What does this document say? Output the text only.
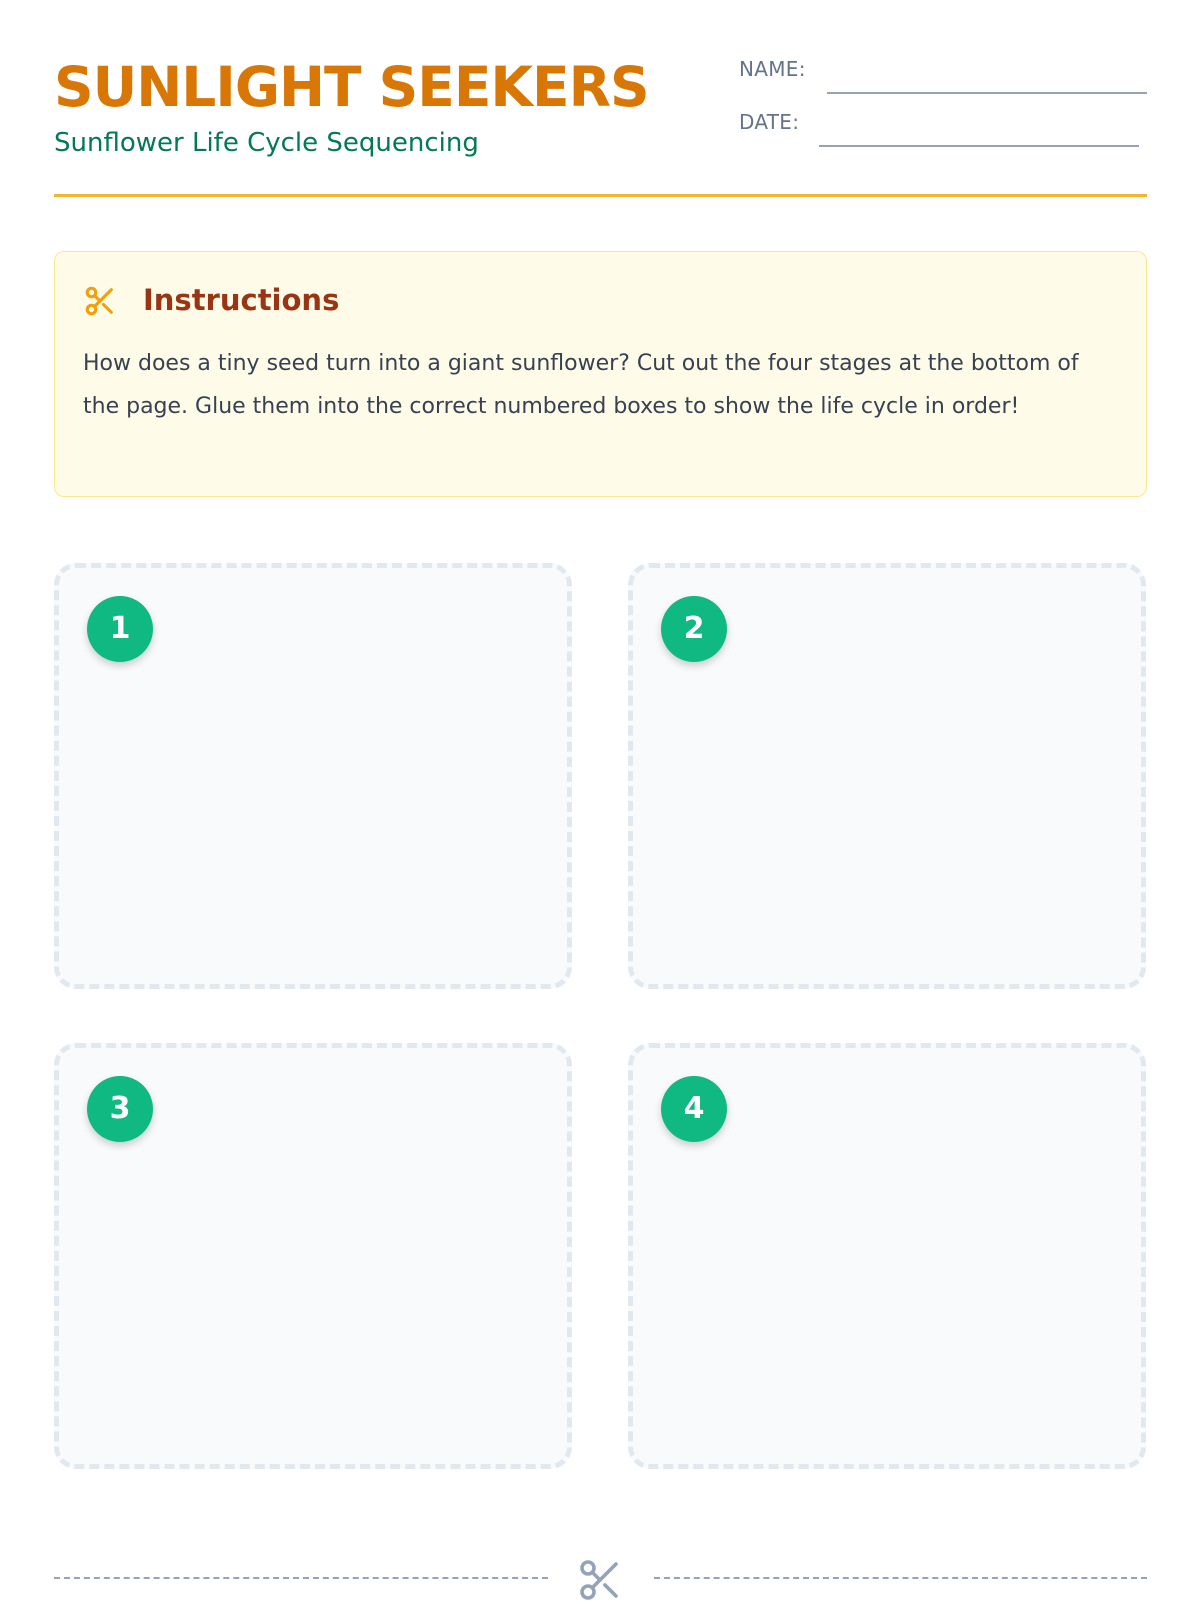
SUNLIGHT SEEKERS

Sunflower Life Cycle Sequencing

NAME:
DATE:
Instructions

How does a tiny seed turn into a giant sunflower? Cut out the four stages at the bottom of the page. Glue them into the correct numbered boxes to show the life cycle in order!

1	2
3	4
